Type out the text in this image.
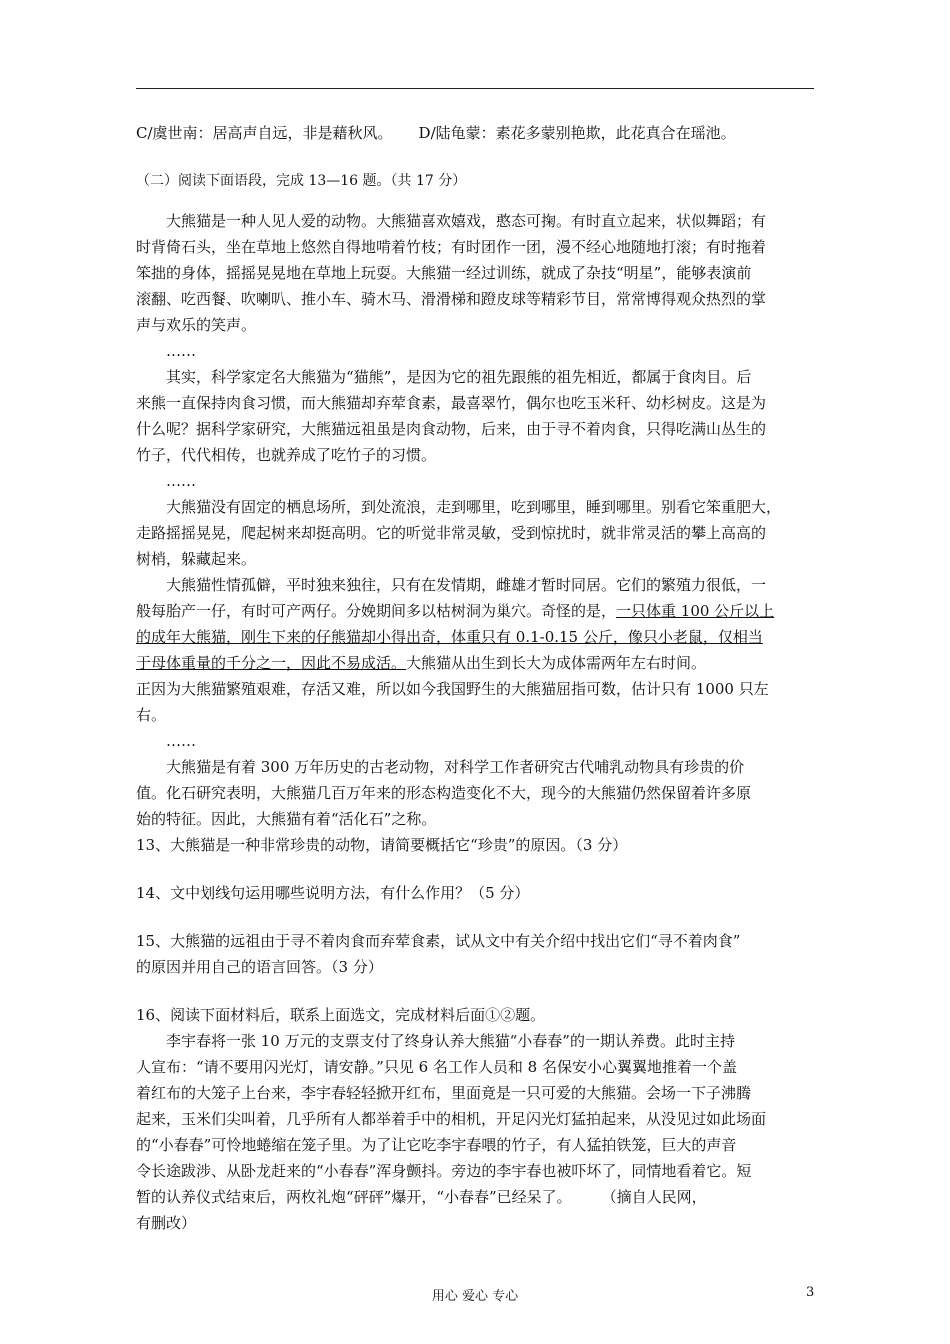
C/虞世南：居高声自远，非是藉秋风。 D/陆龟蒙：素花多蒙别艳欺，此花真合在瑶池。
（二）阅读下面语段，完成 13—16 题。（共 17 分）
大熊猫是一种人见人爱的动物。大熊猫喜欢嬉戏，憨态可掬。有时直立起来，状似舞蹈；有
时背倚石头，坐在草地上悠然自得地啃着竹枝；有时团作一团，漫不经心地随地打滚；有时拖着
笨拙的身体，摇摇晃晃地在草地上玩耍。大熊猫一经过训练，就成了杂技“明星”，能够表演前
滚翻、吃西餐、吹喇叭、推小车、骑木马、滑滑梯和蹬皮球等精彩节目，常常博得观众热烈的掌
声与欢乐的笑声。
……
其实，科学家定名大熊猫为“猫熊”，是因为它的祖先跟熊的祖先相近，都属于食肉目。后
来熊一直保持肉食习惯，而大熊猫却弃荤食素，最喜翠竹，偶尔也吃玉米秆、幼杉树皮。这是为
什么呢？据科学家研究，大熊猫远祖虽是肉食动物，后来，由于寻不着肉食，只得吃满山丛生的
竹子，代代相传，也就养成了吃竹子的习惯。
……
大熊猫没有固定的栖息场所，到处流浪，走到哪里，吃到哪里，睡到哪里。别看它笨重肥大，
走路摇摇晃晃，爬起树来却挺高明。它的听觉非常灵敏，受到惊扰时，就非常灵活的攀上高高的
树梢，躲藏起来。
大熊猫性情孤僻，平时独来独往，只有在发情期，雌雄才暂时同居。它们的繁殖力很低，一
般每胎产一仔，有时可产两仔。分娩期间多以枯树洞为巢穴。奇怪的是，一只体重 100 公斤以上
的成年大熊猫，刚生下来的仔熊猫却小得出奇，体重只有 0.1-0.15 公斤，像只小老鼠，仅相当
于母体重量的千分之一，因此不易成活。大熊猫从出生到长大为成体需两年左右时间。
正因为大熊猫繁殖艰难，存活又难，所以如今我国野生的大熊猫屈指可数，估计只有 1000 只左
右。
……
大熊猫是有着 300 万年历史的古老动物，对科学工作者研究古代哺乳动物具有珍贵的价
值。化石研究表明，大熊猫几百万年来的形态构造变化不大，现今的大熊猫仍然保留着许多原
始的特征。因此，大熊猫有着“活化石”之称。
13、大熊猫是一种非常珍贵的动物，请简要概括它“珍贵”的原因。（3 分）
14、文中划线句运用哪些说明方法，有什么作用？（5 分）
15、大熊猫的远祖由于寻不着肉食而弃荤食素，试从文中有关介绍中找出它们“寻不着肉食”
的原因并用自己的语言回答。（3 分）
16、阅读下面材料后，联系上面选文，完成材料后面①②题。
李宇春将一张 10 万元的支票支付了终身认养大熊猫“小春春”的一期认养费。此时主持
人宣布：“请不要用闪光灯，请安静。”只见 6 名工作人员和 8 名保安小心翼翼地推着一个盖
着红布的大笼子上台来，李宇春轻轻掀开红布，里面竟是一只可爱的大熊猫。会场一下子沸腾
起来，玉米们尖叫着，几乎所有人都举着手中的相机，开足闪光灯猛拍起来，从没见过如此场面
的“小春春”可怜地蜷缩在笼子里。为了让它吃李宇春喂的竹子，有人猛拍铁笼，巨大的声音
令长途跋涉、从卧龙赶来的“小春春”浑身颤抖。旁边的李宇春也被吓坏了，同情地看着它。短
暂的认养仪式结束后，两枚礼炮“砰砰”爆开，“小春春”已经呆了。　　　（摘自人民网，
有删改）
用心 爱心 专心	3
